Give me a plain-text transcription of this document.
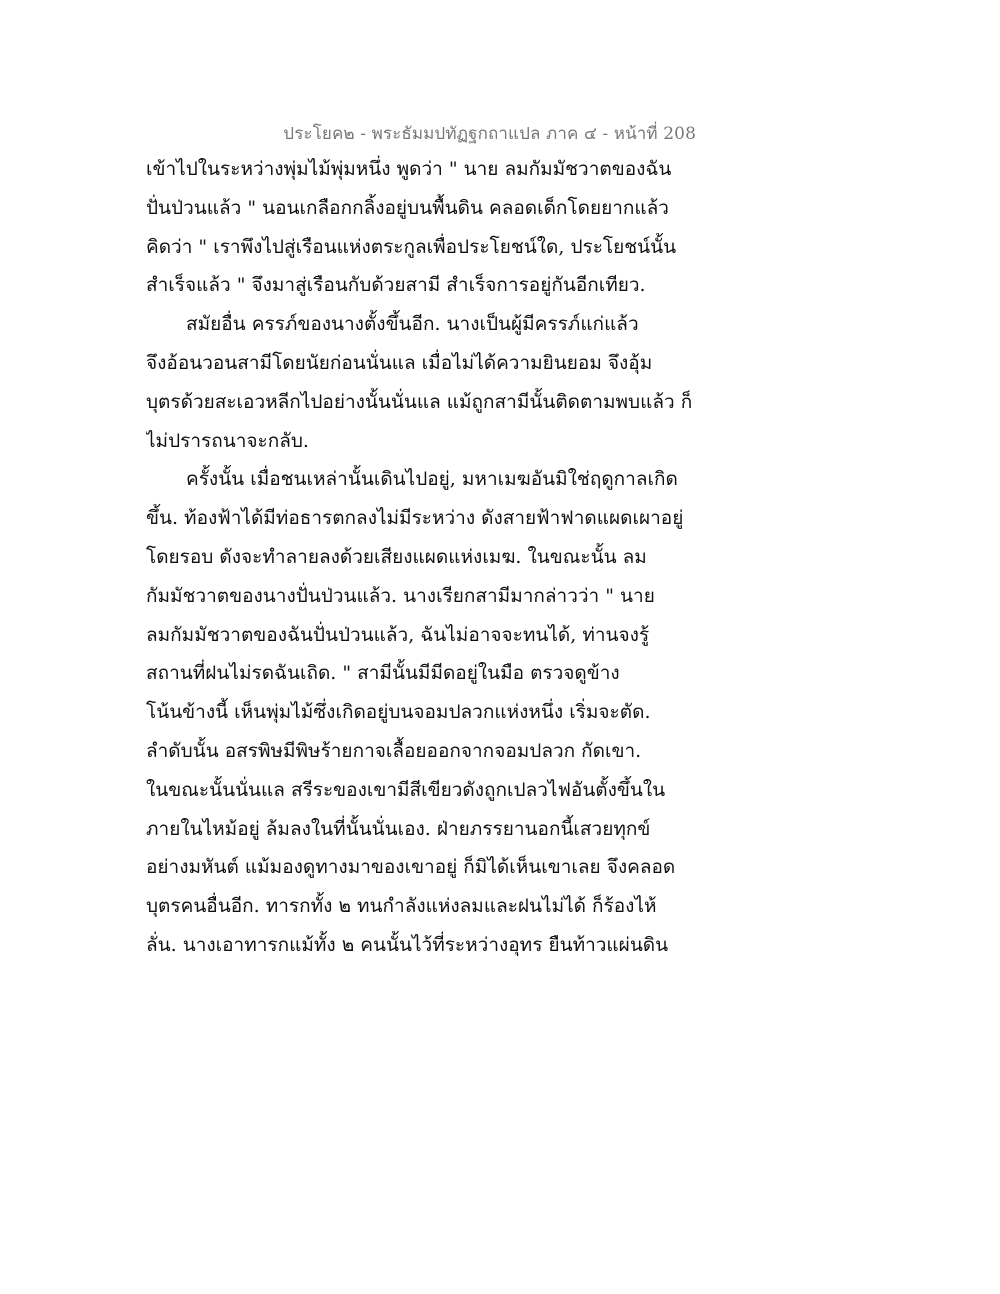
ประโยค๒ - พระธัมมปทัฏฐกถาแปล ภาค ๔ - หน้าที่ 208
เข้าไปในระหว่างพุ่มไม้พุ่มหนึ่ง พูดว่า " นาย ลมกัมมัชวาตของฉัน
ปั่นป่วนแล้ว " นอนเกลือกกลิ้งอยู่บนพื้นดิน คลอดเด็กโดยยากแล้ว
คิดว่า " เราพึงไปสู่เรือนแห่งตระกูลเพื่อประโยชน์ใด, ประโยชน์นั้น
สำเร็จแล้ว " จึงมาสู่เรือนกับด้วยสามี สำเร็จการอยู่กันอีกเทียว.
สมัยอื่น ครรภ์ของนางตั้งขึ้นอีก. นางเป็นผู้มีครรภ์แก่แล้ว
จึงอ้อนวอนสามีโดยนัยก่อนนั่นแล เมื่อไม่ได้ความยินยอม จึงอุ้ม
บุตรด้วยสะเอวหลีกไปอย่างนั้นนั่นแล แม้ถูกสามีนั้นติดตามพบแล้ว ก็
ไม่ปรารถนาจะกลับ.
ครั้งนั้น เมื่อชนเหล่านั้นเดินไปอยู่, มหาเมฆอันมิใช่ฤดูกาลเกิด
ขึ้น. ท้องฟ้าได้มีท่อธารตกลงไม่มีระหว่าง ดังสายฟ้าฟาดแผดเผาอยู่
โดยรอบ ดังจะทำลายลงด้วยเสียงแผดแห่งเมฆ. ในขณะนั้น ลม
กัมมัชวาตของนางปั่นป่วนแล้ว. นางเรียกสามีมากล่าวว่า " นาย
ลมกัมมัชวาตของฉันปั่นป่วนแล้ว, ฉันไม่อาจจะทนได้, ท่านจงรู้
สถานที่ฝนไม่รดฉันเถิด. " สามีนั้นมีมีดอยู่ในมือ ตรวจดูข้าง
โน้นข้างนี้ เห็นพุ่มไม้ซึ่งเกิดอยู่บนจอมปลวกแห่งหนึ่ง เริ่มจะตัด.
ลำดับนั้น อสรพิษมีพิษร้ายกาจเลื้อยออกจากจอมปลวก กัดเขา.
ในขณะนั้นนั่นแล สรีระของเขามีสีเขียวดังถูกเปลวไฟอันตั้งขึ้นใน
ภายในไหม้อยู่ ล้มลงในที่นั้นนั่นเอง. ฝ่ายภรรยานอกนี้เสวยทุกข์
อย่างมหันต์ แม้มองดูทางมาของเขาอยู่ ก็มิได้เห็นเขาเลย จึงคลอด
บุตรคนอื่นอีก. ทารกทั้ง ๒ ทนกำลังแห่งลมและฝนไม่ได้ ก็ร้องไห้
ลั่น. นางเอาทารกแม้ทั้ง ๒ คนนั้นไว้ที่ระหว่างอุทร ยืนท้าวแผ่นดิน
